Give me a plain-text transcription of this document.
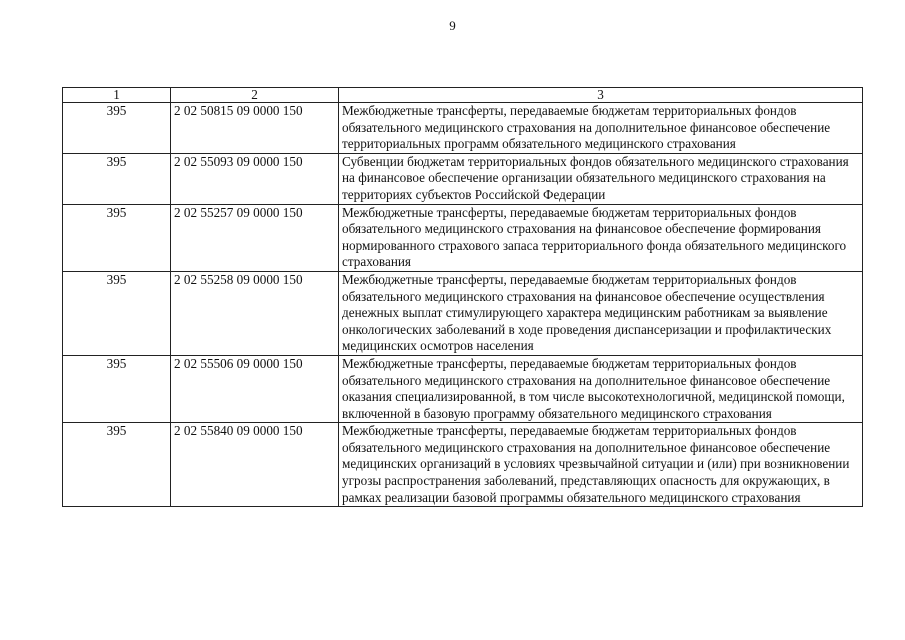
9
1	2	3
395	2 02 50815 09 0000 150	Межбюджетные трансферты, передаваемые бюджетам территориальных фондов обязательного медицинского страхования на дополнительное финансовое обеспечение территориальных программ обязательного медицинского страхования
395	2 02 55093 09 0000 150	Субвенции бюджетам территориальных фондов обязательного медицинского страхования на финансовое обеспечение организации обязательного медицинского страхования на территориях субъектов Российской Федерации
395	2 02 55257 09 0000 150	Межбюджетные трансферты, передаваемые бюджетам территориальных фондов обязательного медицинского страхования на финансовое обеспечение формирования нормированного страхового запаса территориального фонда обязательного медицинского страхования
395	2 02 55258 09 0000 150	Межбюджетные трансферты, передаваемые бюджетам территориальных фондов обязательного медицинского страхования на финансовое обеспечение осуществления денежных выплат стимулирующего характера медицинским работникам за выявление онкологических заболеваний в ходе проведения диспансеризации и профилактических медицинских осмотров населения
395	2 02 55506 09 0000 150	Межбюджетные трансферты, передаваемые бюджетам территориальных фондов обязательного медицинского страхования на дополнительное финансовое обеспечение оказания специализированной, в том числе высокотехнологичной, медицинской помощи, включенной в базовую программу обязательного медицинского страхования
395	2 02 55840 09 0000 150	Межбюджетные трансферты, передаваемые бюджетам территориальных фондов обязательного медицинского страхования на дополнительное финансовое обеспечение медицинских организаций в условиях чрезвычайной ситуации и (или) при возникновении угрозы распространения заболеваний, представляющих опасность для окружающих, в рамках реализации базовой программы обязательного медицинского страхования
